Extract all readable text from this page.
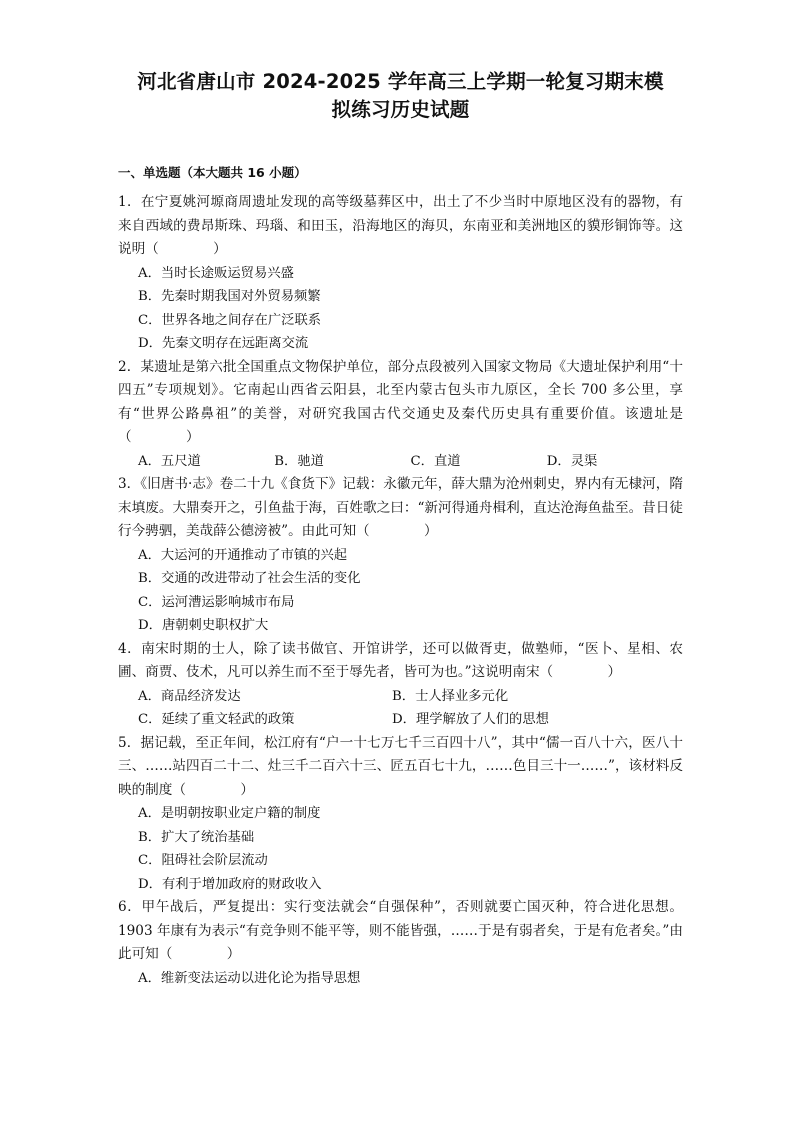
河北省唐山市 2024-2025 学年高三上学期一轮复习期末模
拟练习历史试题
一、单选题（本大题共 16 小题）
1．在宁夏姚河塬商周遗址发现的高等级墓葬区中，出土了不少当时中原地区没有的器物，有来自西域的费昂斯珠、玛瑙、和田玉，沿海地区的海贝，东南亚和美洲地区的貘形铜饰等。这说明（　　　　）
A．当时长途贩运贸易兴盛
B．先秦时期我国对外贸易频繁
C．世界各地之间存在广泛联系
D．先秦文明存在远距离交流
2．某遗址是第六批全国重点文物保护单位，部分点段被列入国家文物局《大遗址保护利用“十四五”专项规划》。它南起山西省云阳县，北至内蒙古包头市九原区，全长 700 多公里，享有“世界公路鼻祖”的美誉，对研究我国古代交通史及秦代历史具有重要价值。该遗址是（　　　　）
A．五尺道	B．驰道	C．直道	D．灵渠
3．《旧唐书·志》卷二十九《食货下》记载：永徽元年，薛大鼎为沧州刺史，界内有无棣河，隋末填废。大鼎奏开之，引鱼盐于海，百姓歌之曰：“新河得通舟楫利，直达沧海鱼盐至。昔日徒行今骋驷，美哉薛公德滂被”。由此可知（　　　　）
A．大运河的开通推动了市镇的兴起
B．交通的改进带动了社会生活的变化
C．运河漕运影响城市布局
D．唐朝刺史职权扩大
4．南宋时期的士人，除了读书做官、开馆讲学，还可以做胥吏，做塾师，“医卜、星相、农圃、商贾、伎术，凡可以养生而不至于辱先者，皆可为也。”这说明南宋（　　　　）
A．商品经济发达	B．士人择业多元化
C．延续了重文轻武的政策	D．理学解放了人们的思想
5．据记载，至正年间，松江府有“户一十七万七千三百四十八”，其中“儒一百八十六，医八十三、……站四百二十二、灶三千二百六十三、匠五百七十九，……色目三十一……”，该材料反映的制度（　　　　）
A．是明朝按职业定户籍的制度
B．扩大了统治基础
C．阻碍社会阶层流动
D．有利于增加政府的财政收入
6．甲午战后，严复提出：实行变法就会“自强保种”，否则就要亡国灭种，符合进化思想。1903 年康有为表示“有竞争则不能平等，则不能皆强，……于是有弱者矣，于是有危者矣。”由此可知（　　　　）
A．维新变法运动以进化论为指导思想
